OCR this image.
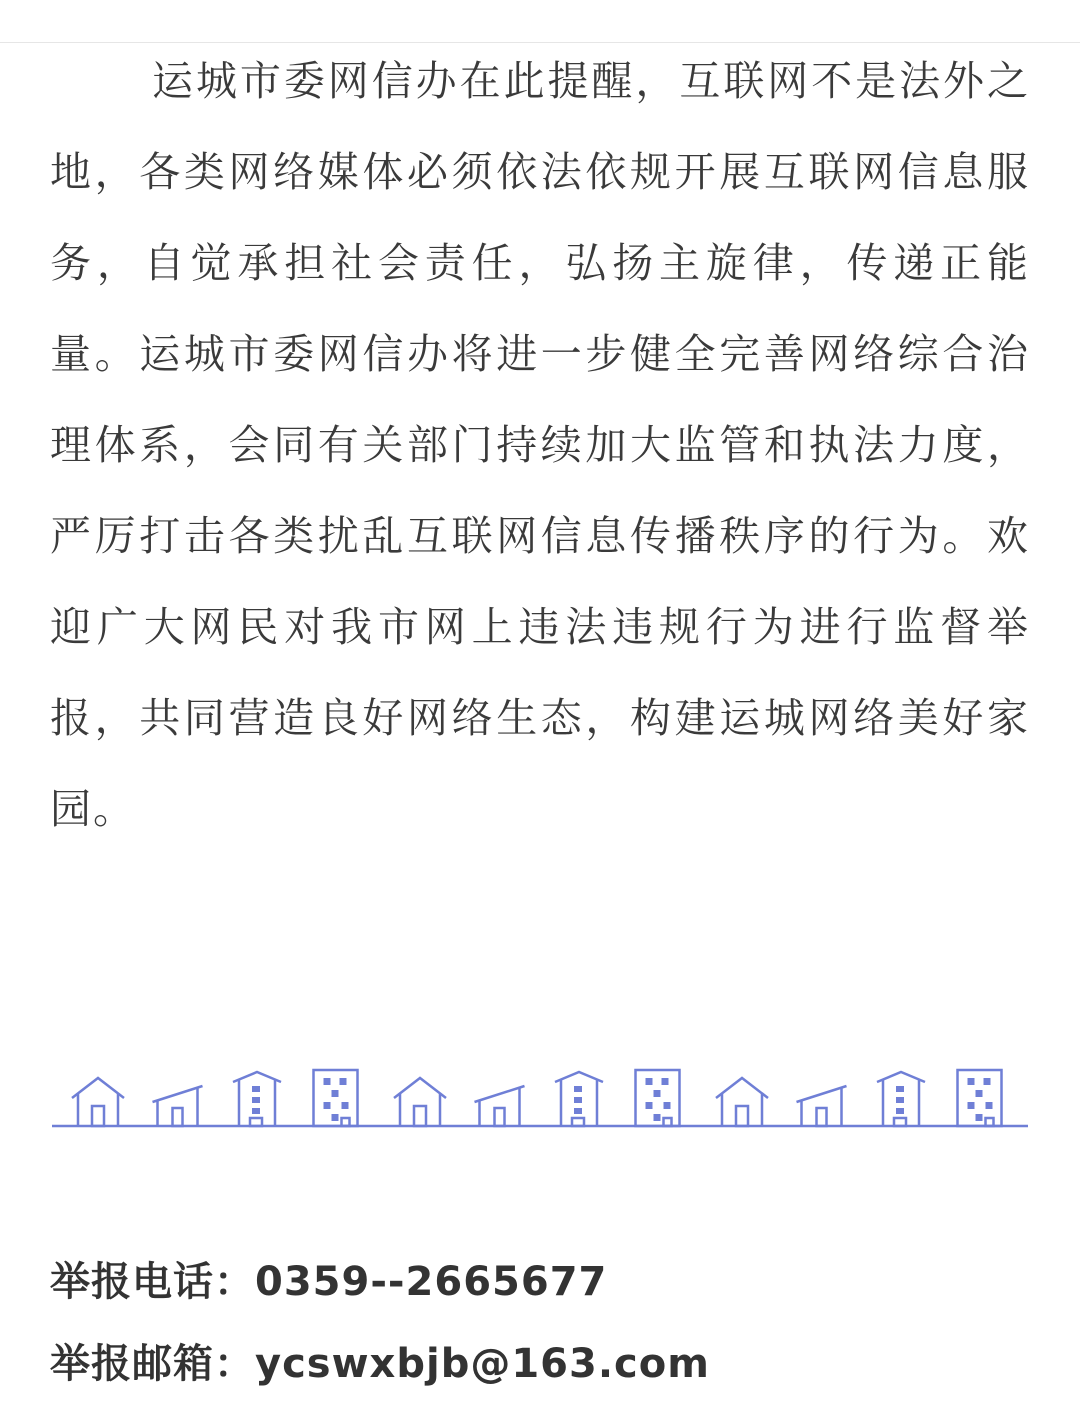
运城市委网信办在此提醒，互联网不是法外之地，各类网络媒体必须依法依规开展互联网信息服务，自觉承担社会责任，弘扬主旋律，传递正能量。运城市委网信办将进一步健全完善网络综合治理体系，会同有关部门持续加大监管和执法力度，严厉打击各类扰乱互联网信息传播秩序的行为。欢迎广大网民对我市网上违法违规行为进行监督举报，共同营造良好网络生态，构建运城网络美好家园。

举报电话：0359--2665677
举报邮箱：ycswxbjb@163.com
